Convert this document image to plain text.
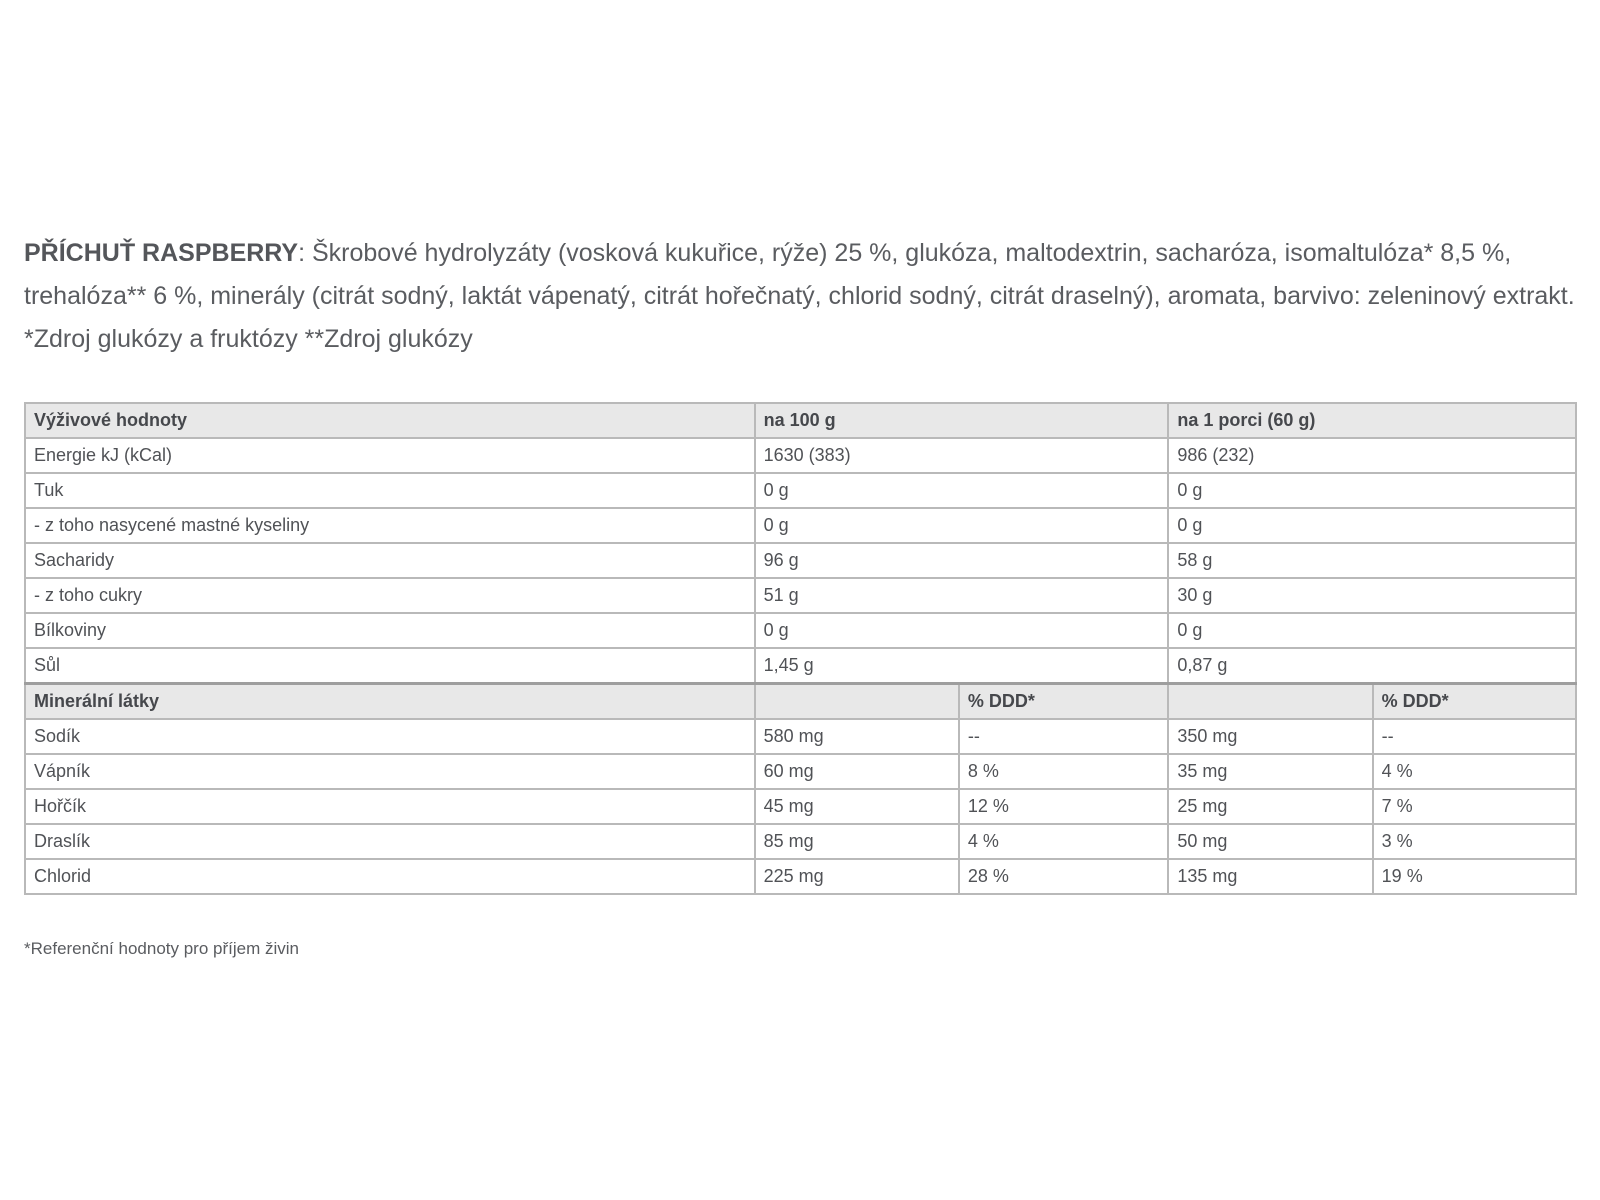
PŘÍCHUŤ RASPBERRY: Škrobové hydrolyzáty (vosková kukuřice, rýže) 25 %, glukóza, maltodextrin, sacharóza, isomaltulóza* 8,5 %, trehalóza** 6 %, minerály (citrát sodný, laktát vápenatý, citrát hořečnatý, chlorid sodný, citrát draselný), aromata, barvivo: zeleninový extrakt. *Zdroj glukózy a fruktózy **Zdroj glukózy

Výživové hodnoty	na 100 g		na 1 porci (60 g)	
Energie kJ (kCal)	1630 (383)		986 (232)	
Tuk	0 g		0 g	
- z toho nasycené mastné kyseliny	0 g		0 g	
Sacharidy	96 g		58 g	
- z toho cukry	51 g		30 g	
Bílkoviny	0 g		0 g	
Sůl	1,45 g		0,87 g	
Minerální látky		% DDD*		% DDD*
Sodík	580 mg	--	350 mg	--
Vápník	60 mg	8 %	35 mg	4 %
Hořčík	45 mg	12 %	25 mg	7 %
Draslík	85 mg	4 %	50 mg	3 %
Chlorid	225 mg	28 %	135 mg	19 %

*Referenční hodnoty pro příjem živin
